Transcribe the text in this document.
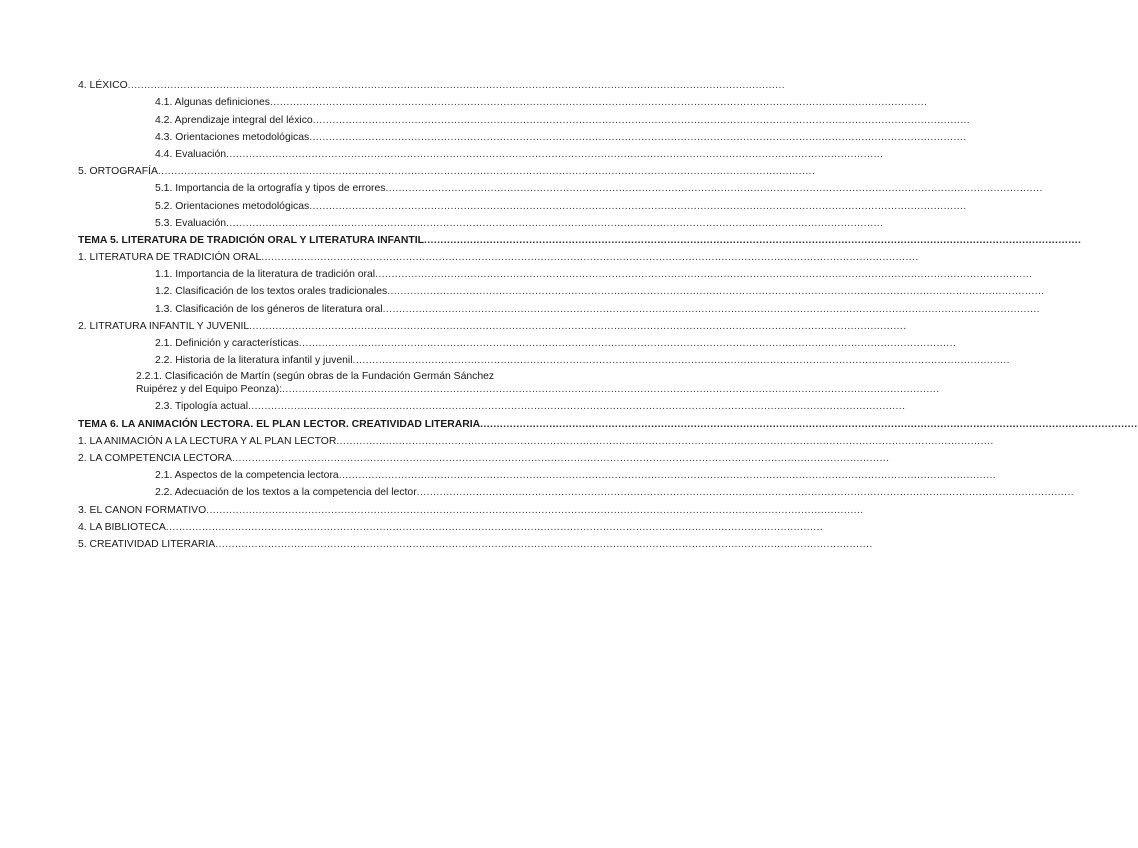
4. LÉXICO ........................................................................................................................................................................................................
4.1. Algunas definiciones ........................................................................................................................................................................................................
4.2. Aprendizaje integral del léxico ........................................................................................................................................................................................................
4.3. Orientaciones metodológicas ........................................................................................................................................................................................................
4.4. Evaluación ........................................................................................................................................................................................................
5. ORTOGRAFÍA ........................................................................................................................................................................................................
5.1. Importancia de la ortografía y tipos de errores ........................................................................................................................................................................................................
5.2. Orientaciones metodológicas ........................................................................................................................................................................................................
5.3. Evaluación ........................................................................................................................................................................................................
TEMA 5. LITERATURA DE TRADICIÓN ORAL Y LITERATURA INFANTIL ........................................................................................................................................................................................................
1. LITERATURA DE TRADICIÓN ORAL ........................................................................................................................................................................................................
1.1. Importancia de la literatura de tradición oral ........................................................................................................................................................................................................
1.2. Clasificación de los textos orales tradicionales ........................................................................................................................................................................................................
1.3. Clasificación de los géneros de literatura oral ........................................................................................................................................................................................................
2. LITRATURA INFANTIL Y JUVENIL ........................................................................................................................................................................................................
2.1. Definición y características ........................................................................................................................................................................................................
2.2. Historia de la literatura infantil y juvenil ........................................................................................................................................................................................................
2.2.1. Clasificación de Martín (según obras de la Fundación Germán Sánchez
Ruipérez y del Equipo Peonza): ........................................................................................................................................................................................................
2.3. Tipología actual ........................................................................................................................................................................................................
TEMA 6. LA ANIMACIÓN LECTORA. EL PLAN LECTOR. CREATIVIDAD LITERARIA ........................................................................................................................................................................................................
1. LA ANIMACIÓN A LA LECTURA Y AL PLAN LECTOR ........................................................................................................................................................................................................
2. LA COMPETENCIA LECTORA ........................................................................................................................................................................................................
2.1. Aspectos de la competencia lectora ........................................................................................................................................................................................................
2.2. Adecuación de los textos a la competencia del lector ........................................................................................................................................................................................................
3. EL CANON FORMATIVO ........................................................................................................................................................................................................
4. LA BIBLIOTECA ........................................................................................................................................................................................................
5. CREATIVIDAD LITERARIA ........................................................................................................................................................................................................
